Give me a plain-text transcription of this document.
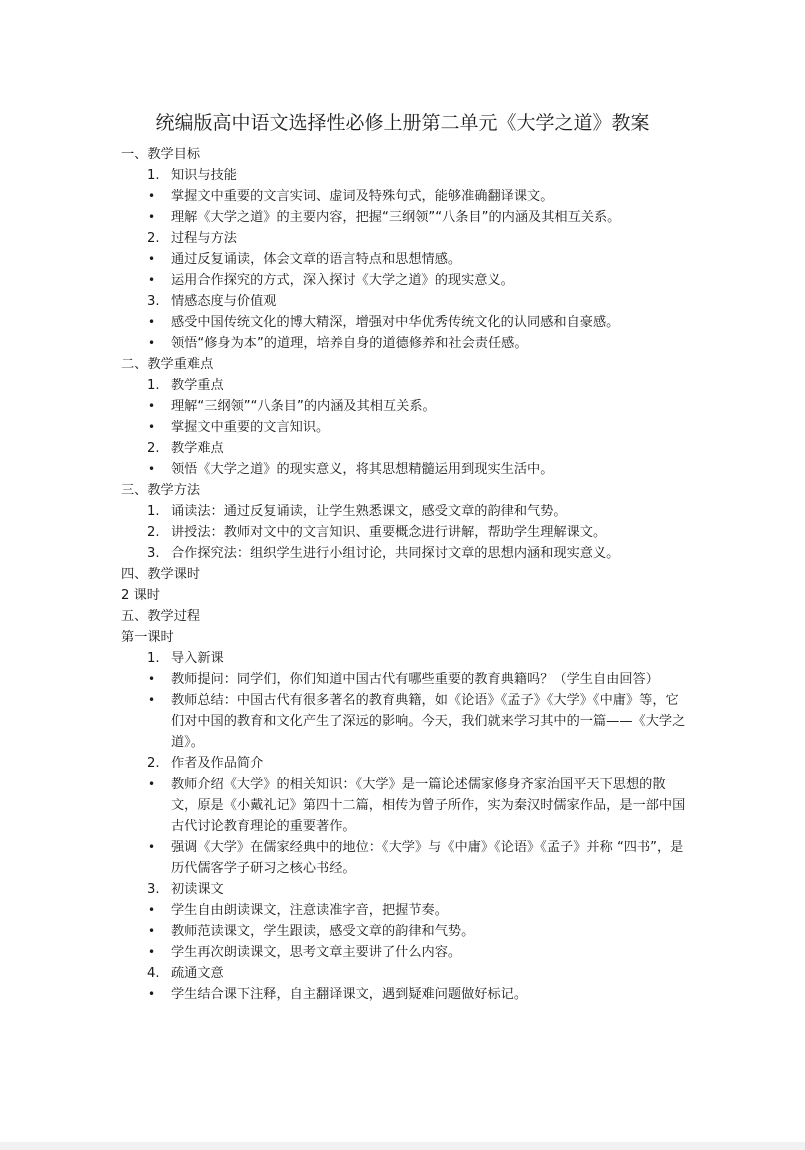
统编版高中语文选择性必修上册第二单元《大学之道》教案
一、教学目标
1. 知识与技能
• 掌握文中重要的文言实词、虚词及特殊句式，能够准确翻译课文。
• 理解《大学之道》的主要内容，把握“三纲领”“八条目”的内涵及其相互关系。
2. 过程与方法
• 通过反复诵读，体会文章的语言特点和思想情感。
• 运用合作探究的方式，深入探讨《大学之道》的现实意义。
3. 情感态度与价值观
• 感受中国传统文化的博大精深，增强对中华优秀传统文化的认同感和自豪感。
• 领悟“修身为本”的道理，培养自身的道德修养和社会责任感。
二、教学重难点
1. 教学重点
• 理解“三纲领”“八条目”的内涵及其相互关系。
• 掌握文中重要的文言知识。
2. 教学难点
• 领悟《大学之道》的现实意义，将其思想精髓运用到现实生活中。
三、教学方法
1. 诵读法：通过反复诵读，让学生熟悉课文，感受文章的韵律和气势。
2. 讲授法：教师对文中的文言知识、重要概念进行讲解，帮助学生理解课文。
3. 合作探究法：组织学生进行小组讨论，共同探讨文章的思想内涵和现实意义。
四、教学课时
2 课时
五、教学过程
第一课时
1. 导入新课
• 教师提问：同学们，你们知道中国古代有哪些重要的教育典籍吗？（学生自由回答）
• 教师总结：中国古代有很多著名的教育典籍，如《论语》《孟子》《大学》《中庸》等，它们对中国的教育和文化产生了深远的影响。今天，我们就来学习其中的一篇——《大学之道》。
2. 作者及作品简介
• 教师介绍《大学》的相关知识：《大学》是一篇论述儒家修身齐家治国平天下思想的散文，原是《小戴礼记》第四十二篇，相传为曾子所作，实为秦汉时儒家作品，是一部中国古代讨论教育理论的重要著作。
• 强调《大学》在儒家经典中的地位：《大学》与《中庸》《论语》《孟子》并称 “四书”，是历代儒客学子研习之核心书经。
3. 初读课文
• 学生自由朗读课文，注意读准字音，把握节奏。
• 教师范读课文，学生跟读，感受文章的韵律和气势。
• 学生再次朗读课文，思考文章主要讲了什么内容。
4. 疏通文意
• 学生结合课下注释，自主翻译课文，遇到疑难问题做好标记。
